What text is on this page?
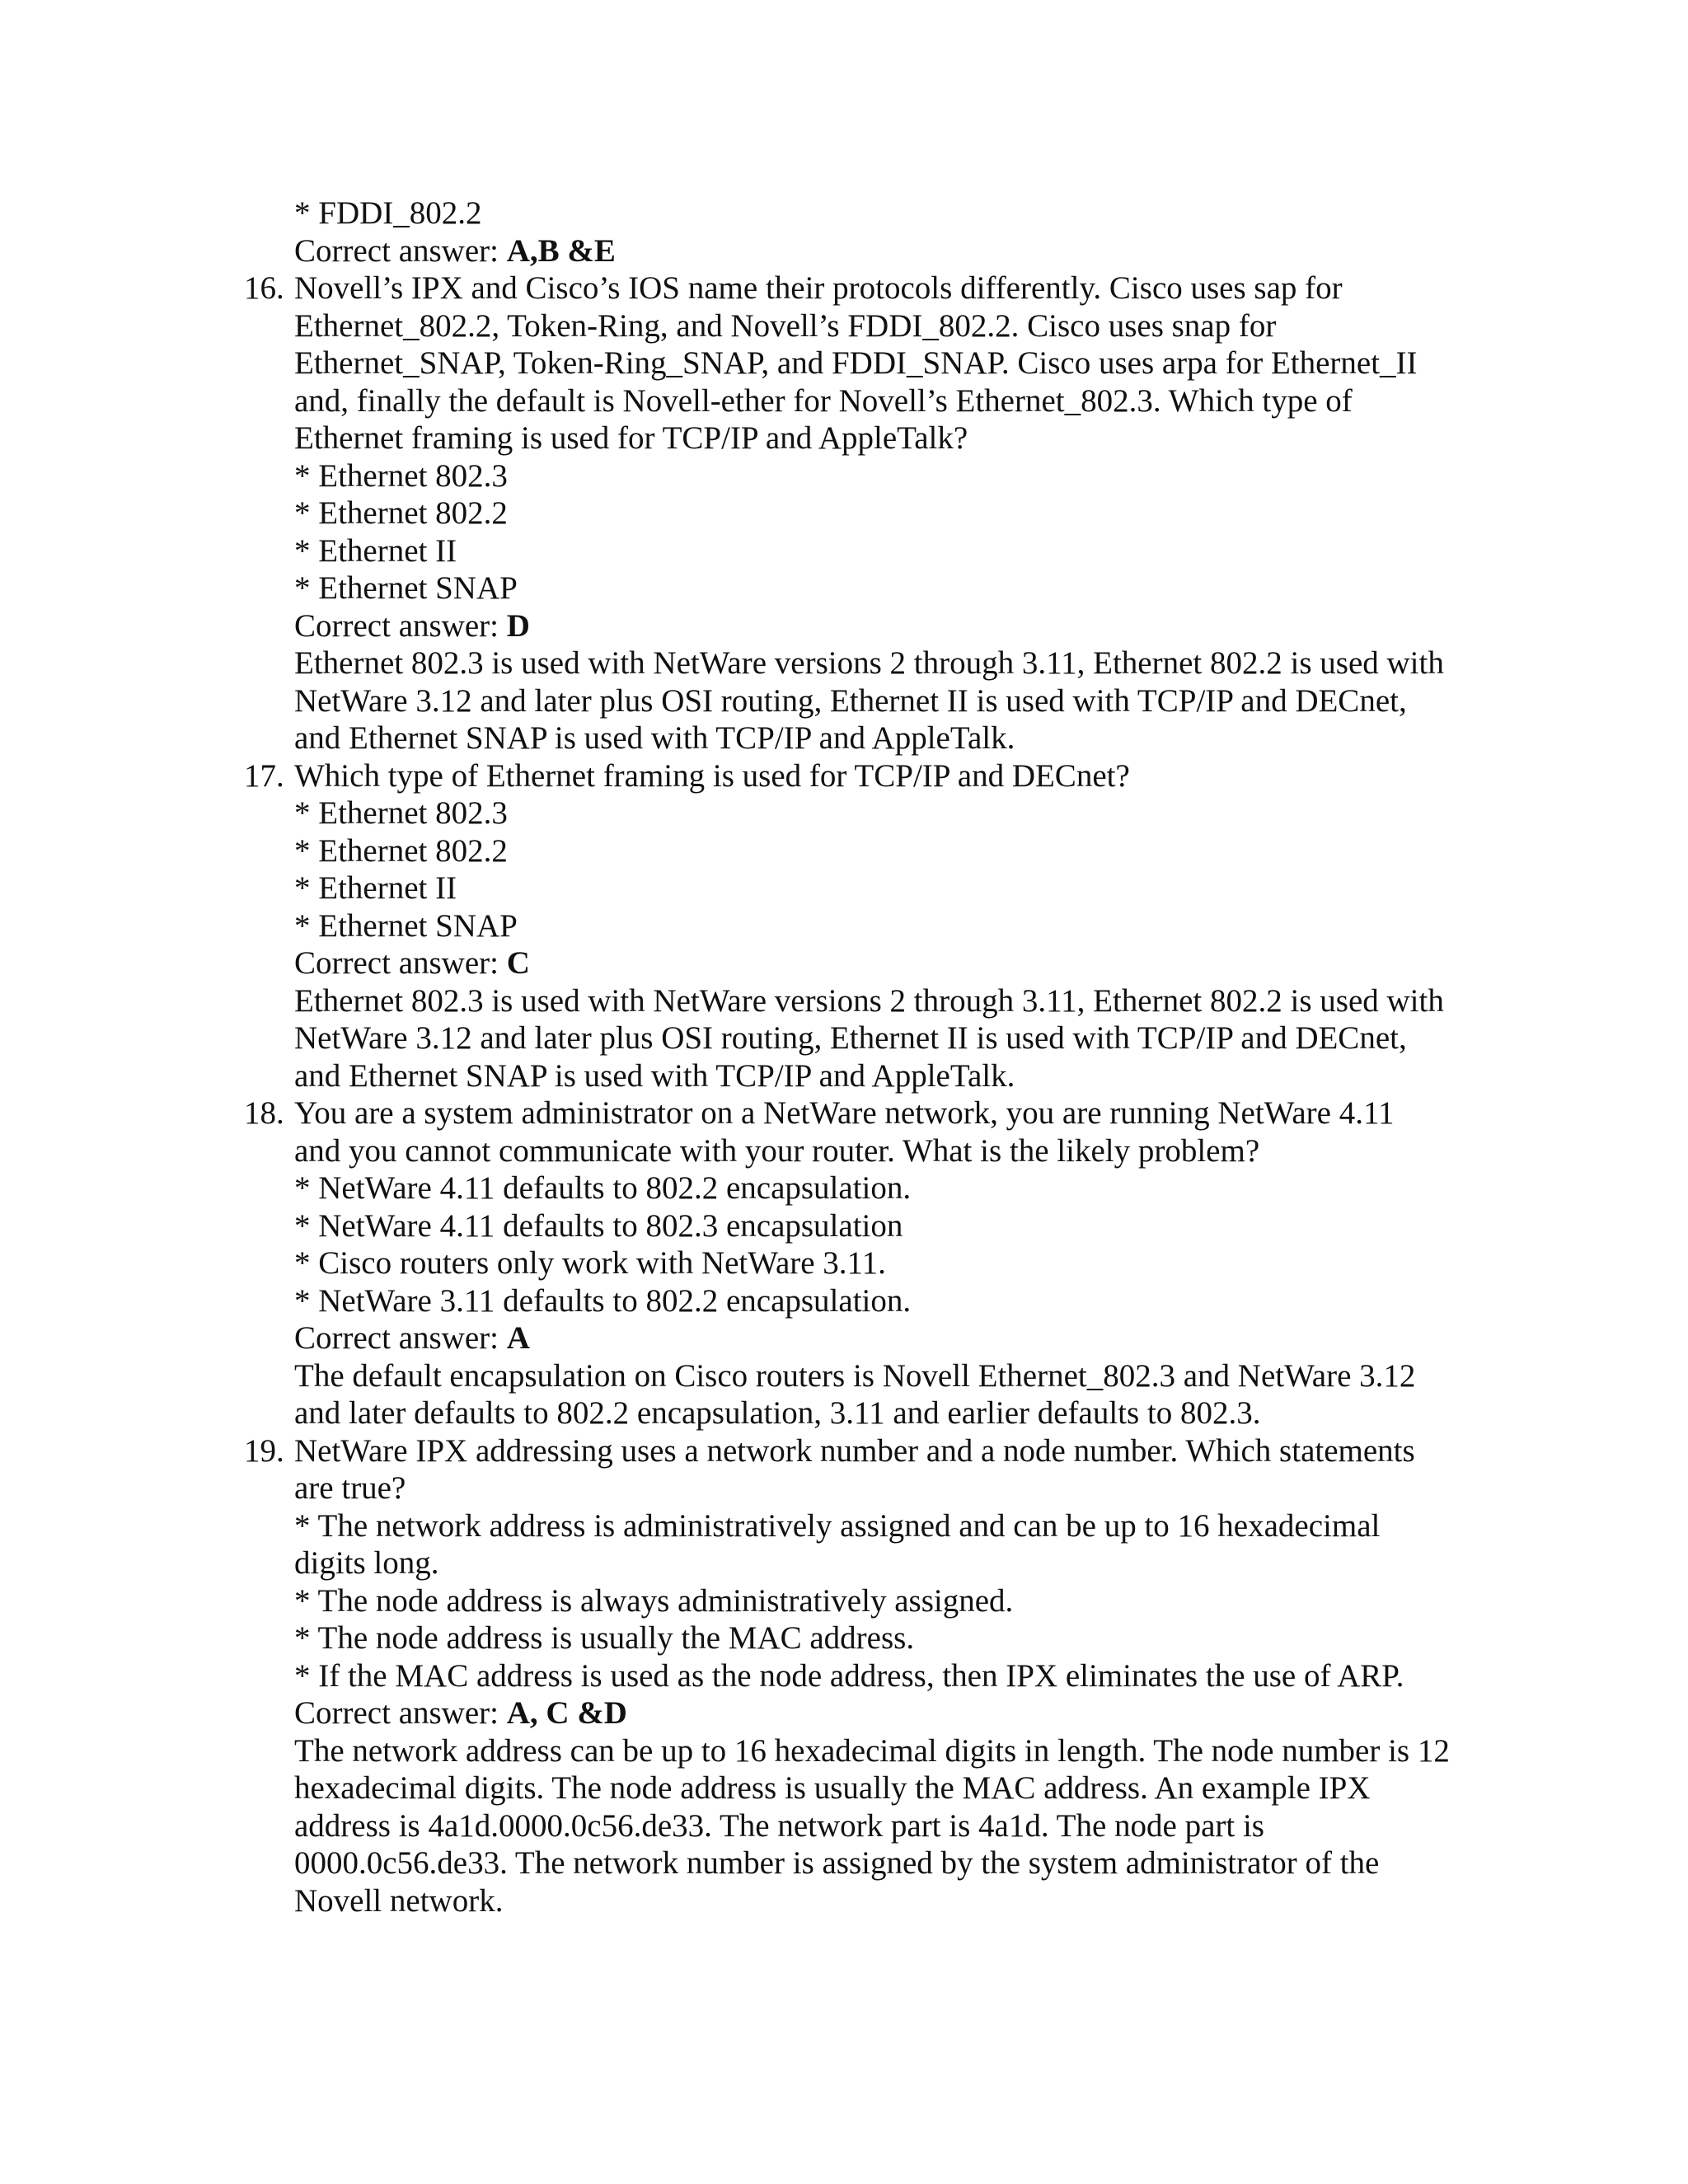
* FDDI_802.2
Correct answer: A,B &E
16. Novell’s IPX and Cisco’s IOS name their protocols differently. Cisco uses sap for
Ethernet_802.2, Token-Ring, and Novell’s FDDI_802.2. Cisco uses snap for
Ethernet_SNAP, Token-Ring_SNAP, and FDDI_SNAP. Cisco uses arpa for Ethernet_II
and, finally the default is Novell-ether for Novell’s Ethernet_802.3. Which type of
Ethernet framing is used for TCP/IP and AppleTalk?
* Ethernet 802.3
* Ethernet 802.2
* Ethernet II
* Ethernet SNAP
Correct answer: D
Ethernet 802.3 is used with NetWare versions 2 through 3.11, Ethernet 802.2 is used with
NetWare 3.12 and later plus OSI routing, Ethernet II is used with TCP/IP and DECnet,
and Ethernet SNAP is used with TCP/IP and AppleTalk.
17. Which type of Ethernet framing is used for TCP/IP and DECnet?
* Ethernet 802.3
* Ethernet 802.2
* Ethernet II
* Ethernet SNAP
Correct answer: C
Ethernet 802.3 is used with NetWare versions 2 through 3.11, Ethernet 802.2 is used with
NetWare 3.12 and later plus OSI routing, Ethernet II is used with TCP/IP and DECnet,
and Ethernet SNAP is used with TCP/IP and AppleTalk.
18. You are a system administrator on a NetWare network, you are running NetWare 4.11
and you cannot communicate with your router. What is the likely problem?
* NetWare 4.11 defaults to 802.2 encapsulation.
* NetWare 4.11 defaults to 802.3 encapsulation
* Cisco routers only work with NetWare 3.11.
* NetWare 3.11 defaults to 802.2 encapsulation.
Correct answer: A
The default encapsulation on Cisco routers is Novell Ethernet_802.3 and NetWare 3.12
and later defaults to 802.2 encapsulation, 3.11 and earlier defaults to 802.3.
19. NetWare IPX addressing uses a network number and a node number. Which statements
are true?
* The network address is administratively assigned and can be up to 16 hexadecimal
digits long.
* The node address is always administratively assigned.
* The node address is usually the MAC address.
* If the MAC address is used as the node address, then IPX eliminates the use of ARP.
Correct answer: A, C &D
The network address can be up to 16 hexadecimal digits in length. The node number is 12
hexadecimal digits. The node address is usually the MAC address. An example IPX
address is 4a1d.0000.0c56.de33. The network part is 4a1d. The node part is
0000.0c56.de33. The network number is assigned by the system administrator of the
Novell network.
